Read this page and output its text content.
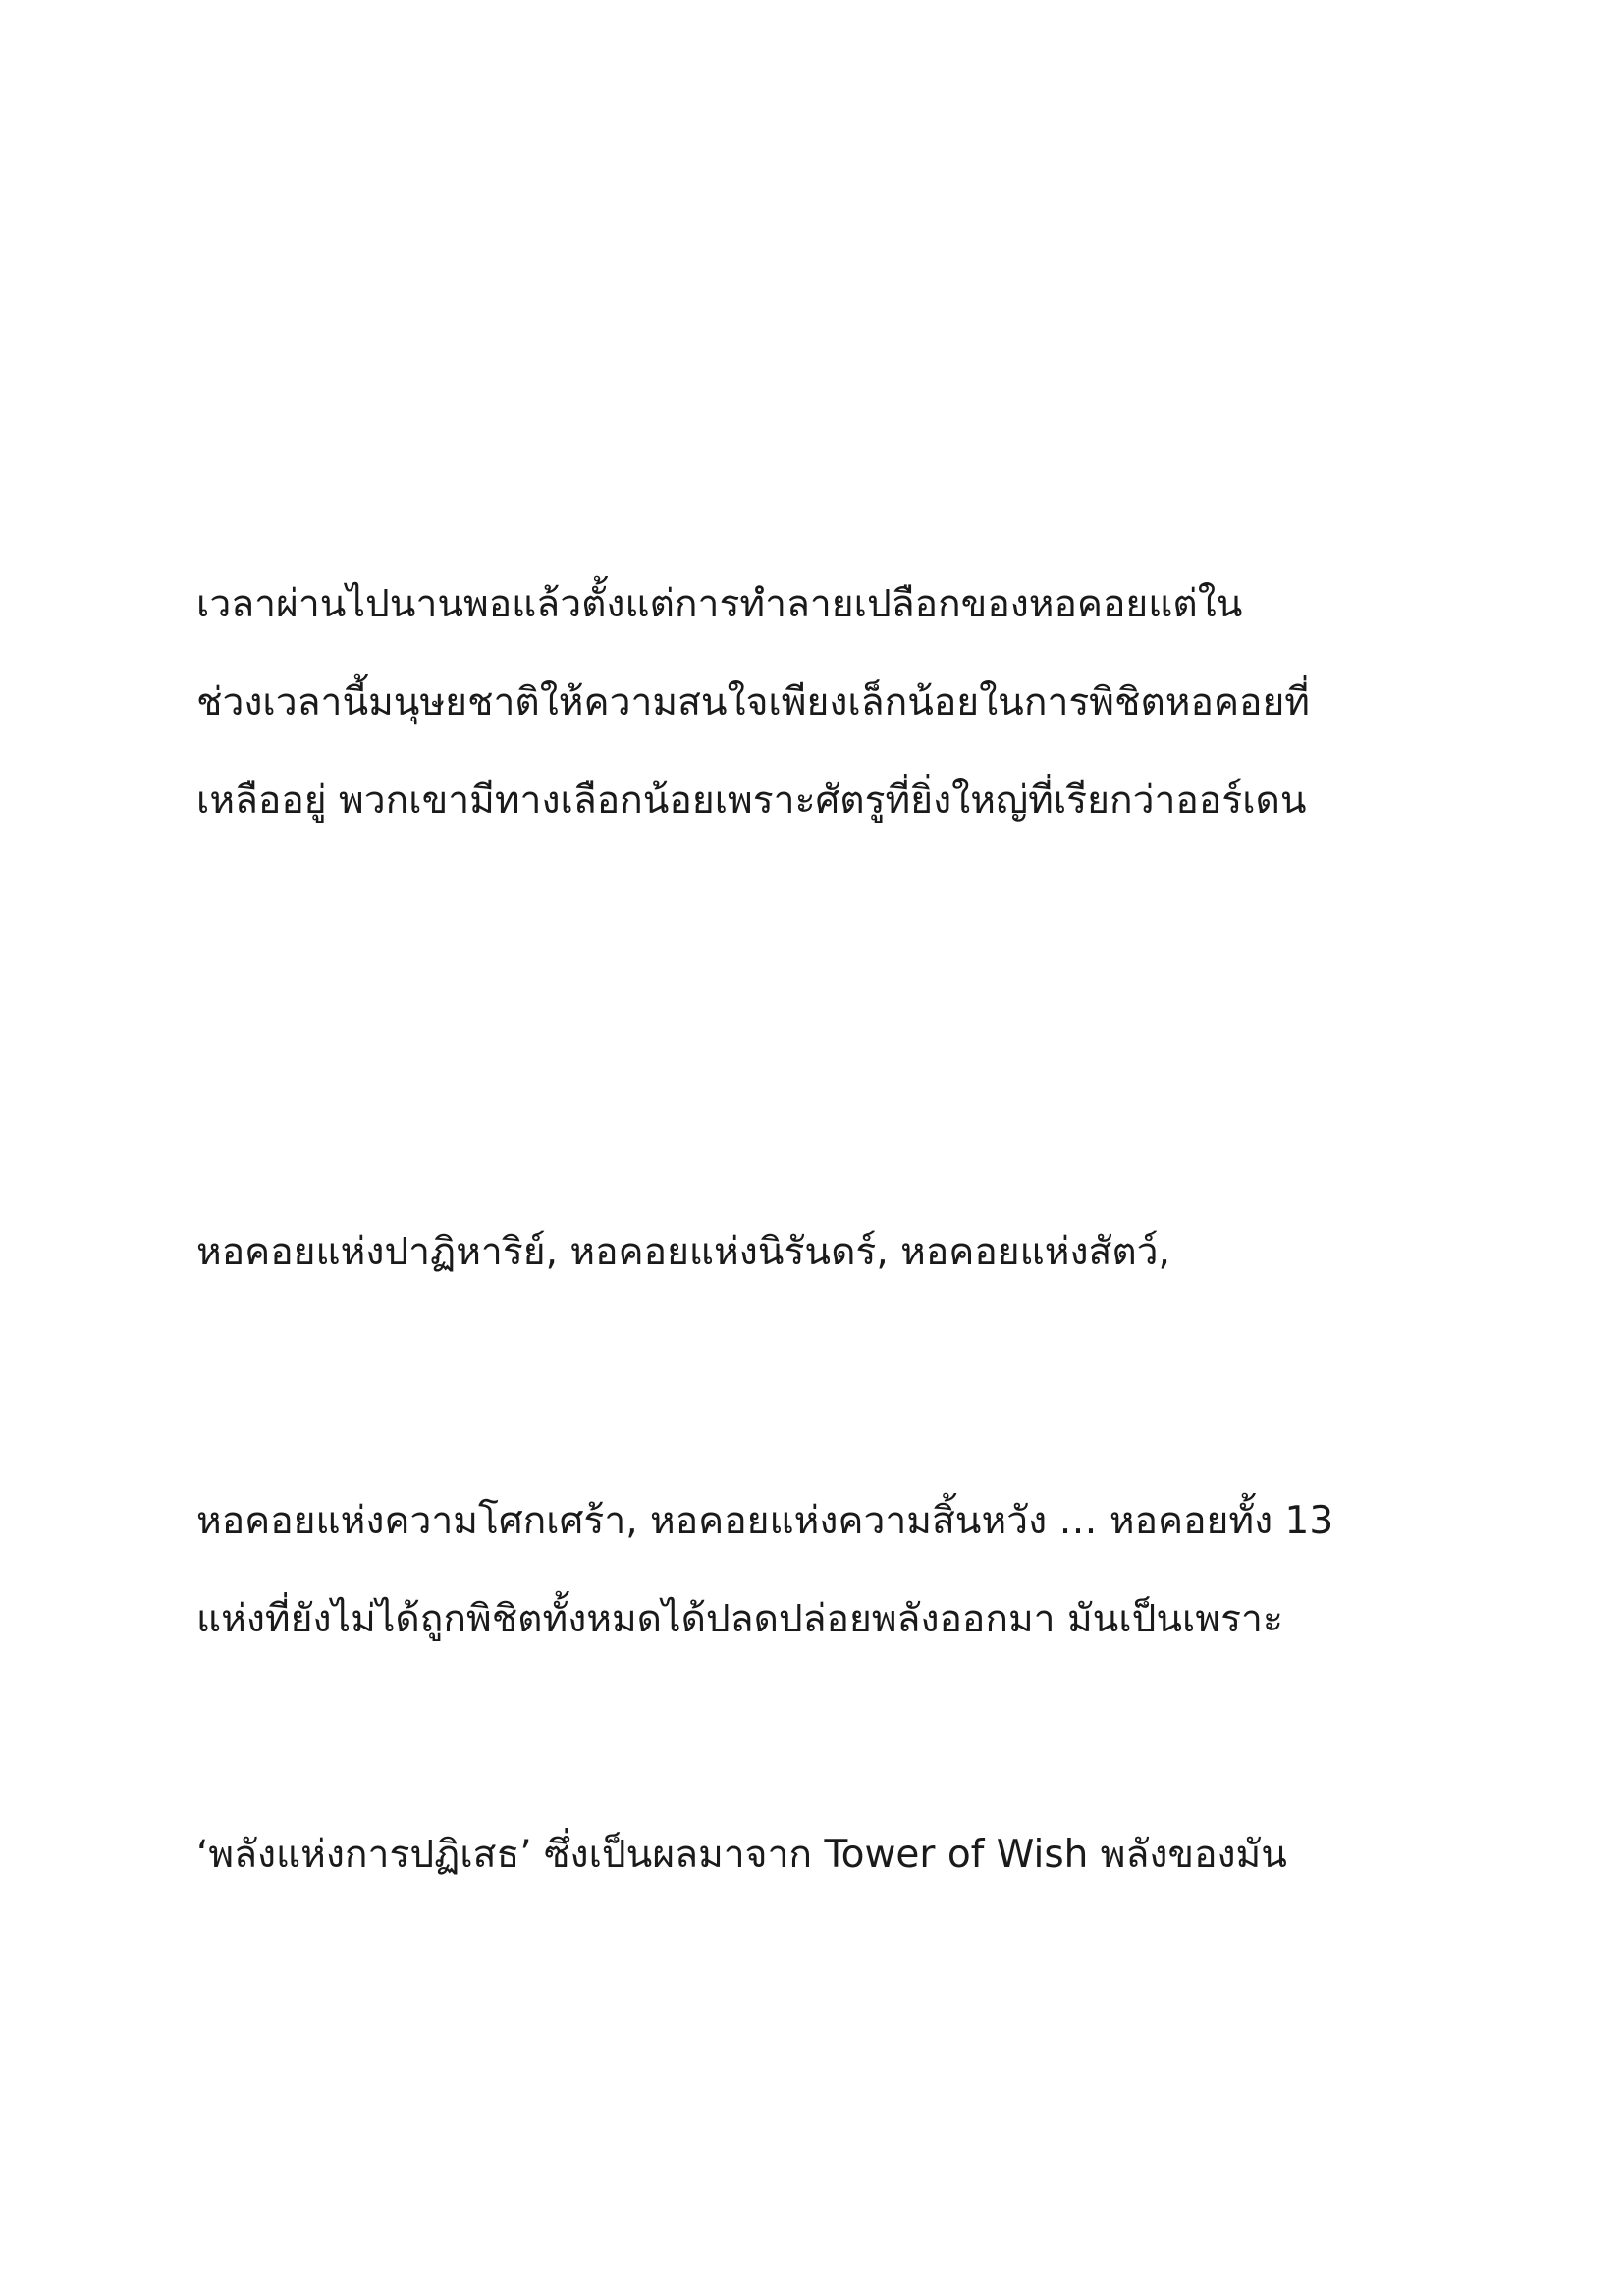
เวลาผ่านไปนานพอแล้วตั้งแต่การทำลายเปลือกของหอคอยแต่ใน
ช่วงเวลานี้มนุษยชาติให้ความสนใจเพียงเล็กน้อยในการพิชิตหอคอยที่
เหลืออยู่ พวกเขามีทางเลือกน้อยเพราะศัตรูที่ยิ่งใหญ่ที่เรียกว่าออร์เดน
หอคอยแห่งปาฏิหาริย์, หอคอยแห่งนิรันดร์, หอคอยแห่งสัตว์,
หอคอยแห่งความโศกเศร้า, หอคอยแห่งความสิ้นหวัง … หอคอยทั้ง 13
แห่งที่ยังไม่ได้ถูกพิชิตทั้งหมดได้ปลดปล่อยพลังออกมา มันเป็นเพราะ
‘พลังแห่งการปฏิเสธ’ ซึ่งเป็นผลมาจาก Tower of Wish พลังของมัน
